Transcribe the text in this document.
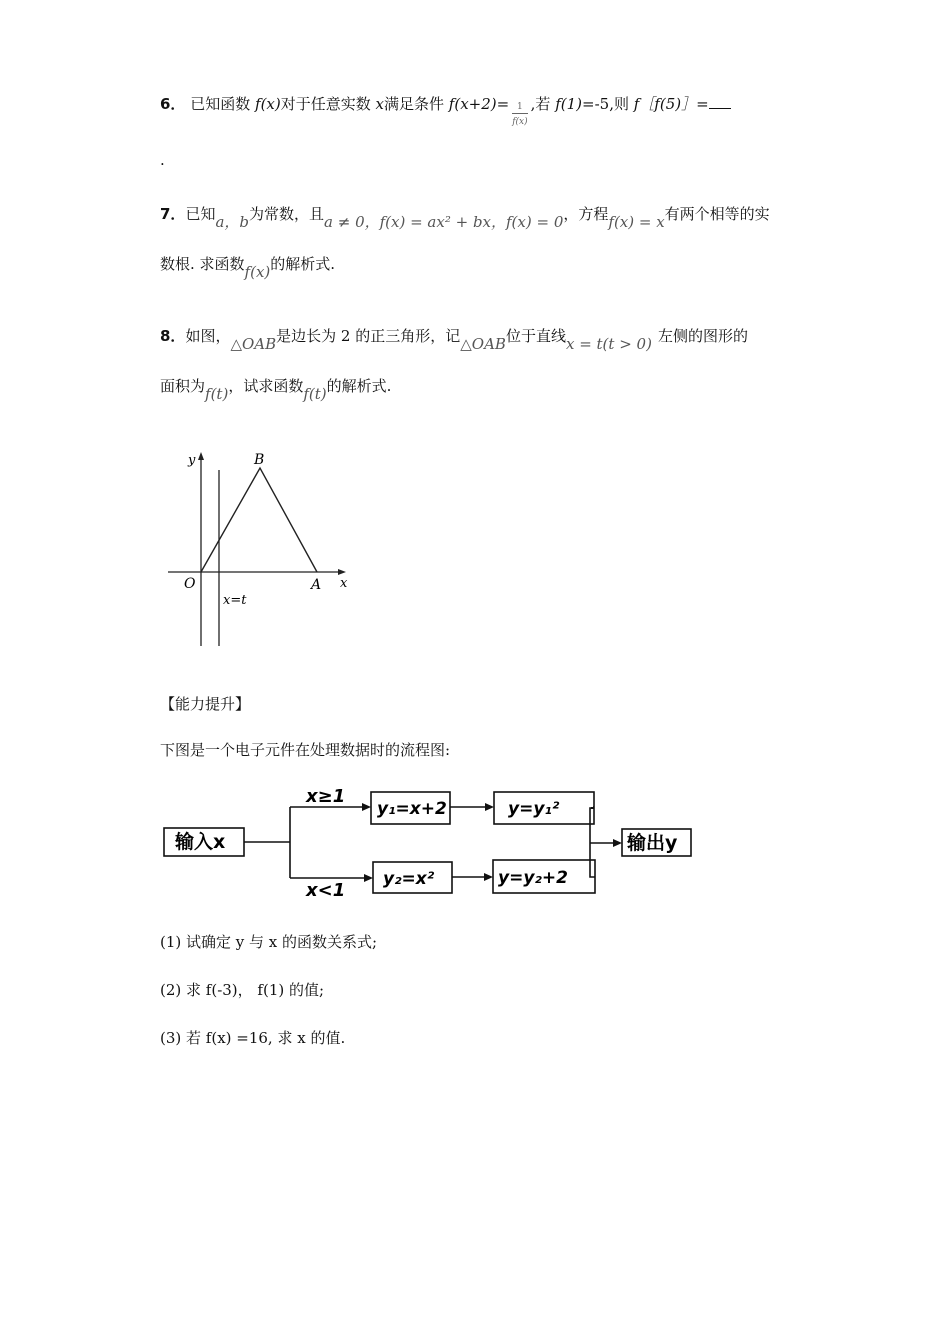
6． 已知函数 f(x)对于任意实数 x满足条件 $f(x+2)= \frac{1}{f(x)}$ ,若 f(1)=-5,则 f［f(5)］=
.
7．已知a，b为常数，且a ≠ 0，f(x) = ax² + bx，f(x) = 0，方程f(x) = x有两个相等的实
数根. 求函数f(x)的解析式.
8．如图，△OAB是边长为 2 的正三角形，记△OAB位于直线x = t(t > 0) 左侧的图形的
面积为f(t)，试求函数f(t)的解析式.
y	B
O	A x
x=t
【能力提升】
下图是一个电子元件在处理数据时的流程图:
输入x
x≥1
x<1
y₁=x+2	y=y₁²
y₂=x²	y=y₂+2
输出y
(1) 试确定 y 与 x 的函数关系式;
(2) 求 f(-3)， f(1) 的值;
(3) 若 f(x) =16, 求 x 的值.
